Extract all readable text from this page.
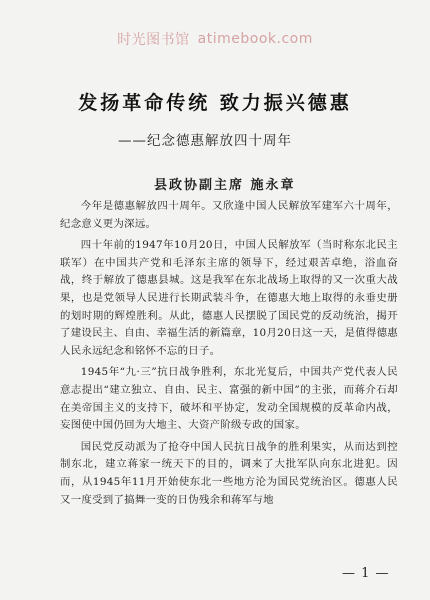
时光图书馆 atimebook.com
发扬革命传统 致力振兴德惠
——纪念德惠解放四十周年
县政协副主席 施永章

今年是德惠解放四十周年。又欣逢中国人民解放军建军六十周年，纪念意义更为深远。

四十年前的1947年10月20日，中国人民解放军（当时称东北民主联军）在中国共产党和毛泽东主席的领导下，经过艰苦卓绝，浴血奋战，终于解放了德惠县城。这是我军在东北战场上取得的又一次重大战果，也是党领导人民进行长期武装斗争，在德惠大地上取得的永垂史册的划时期的辉煌胜利。从此，德惠人民摆脱了国民党的反动统治，揭开了建设民主、自由、幸福生活的新篇章，10月20日这一天，是值得德惠人民永远纪念和铭怀不忘的日子。

1945年“九·三”抗日战争胜利，东北光复后，中国共产党代表人民意志提出“建立独立、自由、民主、富强的新中国”的主张，而蒋介石却在美帝国主义的支持下，破坏和平协定，发动全国规模的反革命内战，妄图使中国仍回为大地主、大资产阶级专政的国家。

国民党反动派为了抢夺中国人民抗日战争的胜利果实，从而达到控制东北，建立蒋家一统天下的目的，调来了大批军队向东北进犯。因而，从1945年11月开始使东北一些地方沦为国民党统治区。德惠人民又一度受到了搞舞一变的日伪残余和蒋军与地

— 1 —
